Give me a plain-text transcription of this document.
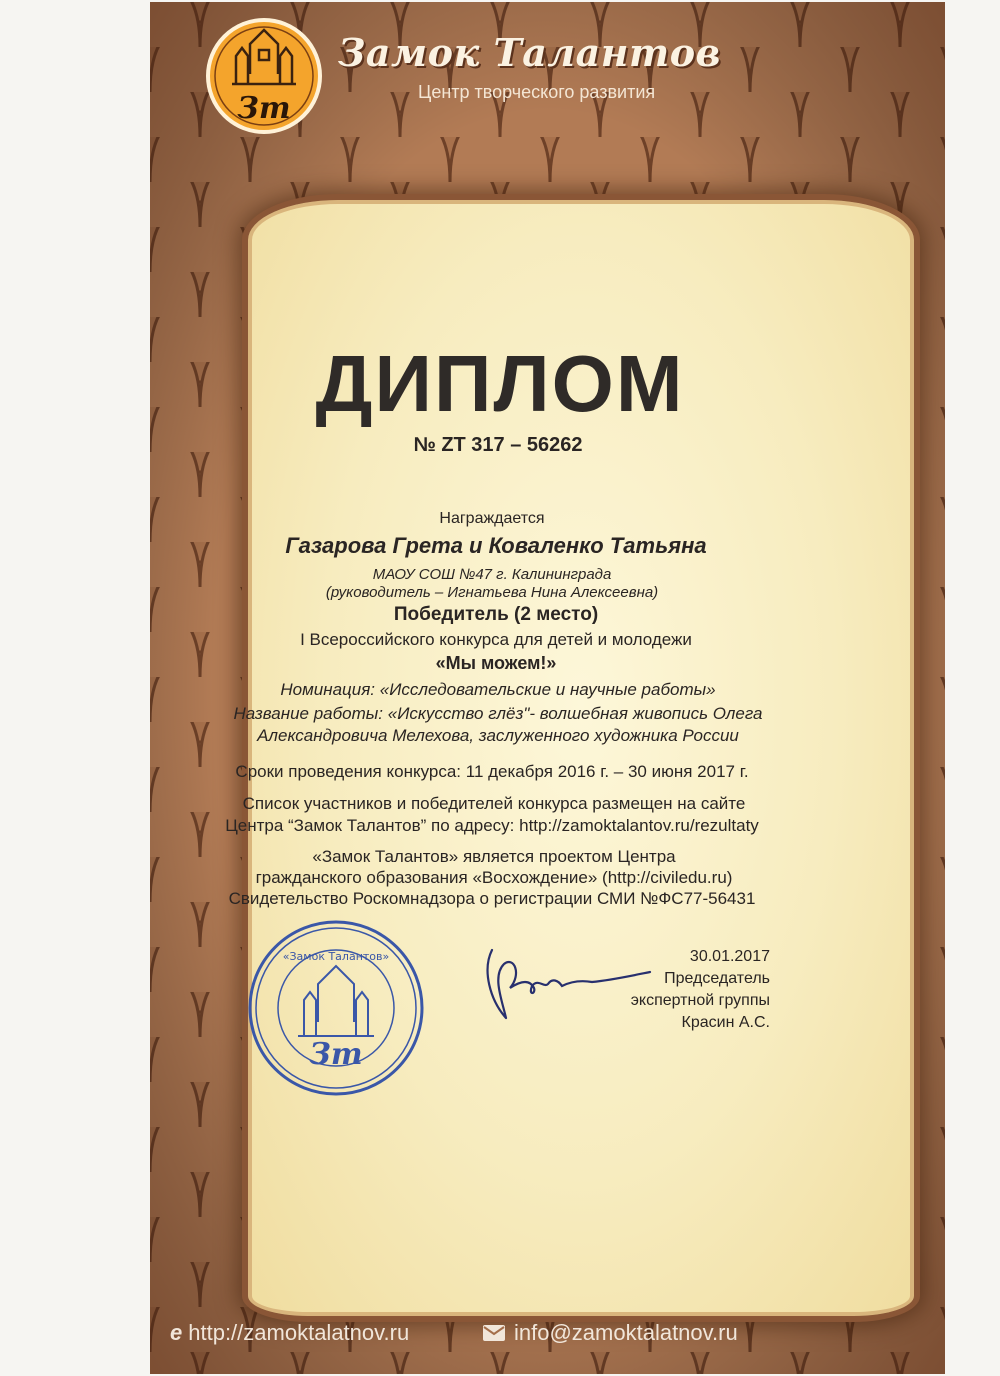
Зт
Замок Талантов
Центр творческого развития
ДИПЛОМ
№ ZT 317 – 56262
Награждается
Газарова Грета и Коваленко Татьяна
МАОУ СОШ №47 г. Калининграда
(руководитель – Игнатьева Нина Алексеевна)
Победитель (2 место)
I Всероссийского конкурса для детей и молодежи
«Мы можем!»
Номинация: «Исследовательские и научные работы»
Название работы: «Искусство глёз"- волшебная живопись Олега
Александровича Мелехова, заслуженного художника России
Сроки проведения конкурса: 11 декабря 2016 г. – 30 июня 2017 г.
Список участников и победителей конкурса размещен на сайте
Центра “Замок Талантов” по адресу: http://zamoktalantov.ru/rezultaty
«Замок Талантов» является проектом Центра
гражданского образования «Восхождение» (http://civiledu.ru)
Свидетельство Роскомнадзора о регистрации СМИ №ФС77-56431
«Замок Талантов»
Зт
30.01.2017
Председатель
экспертной группы
Красин А.С.
e http://zamoktalatnov.ru	info@zamoktalatnov.ru
